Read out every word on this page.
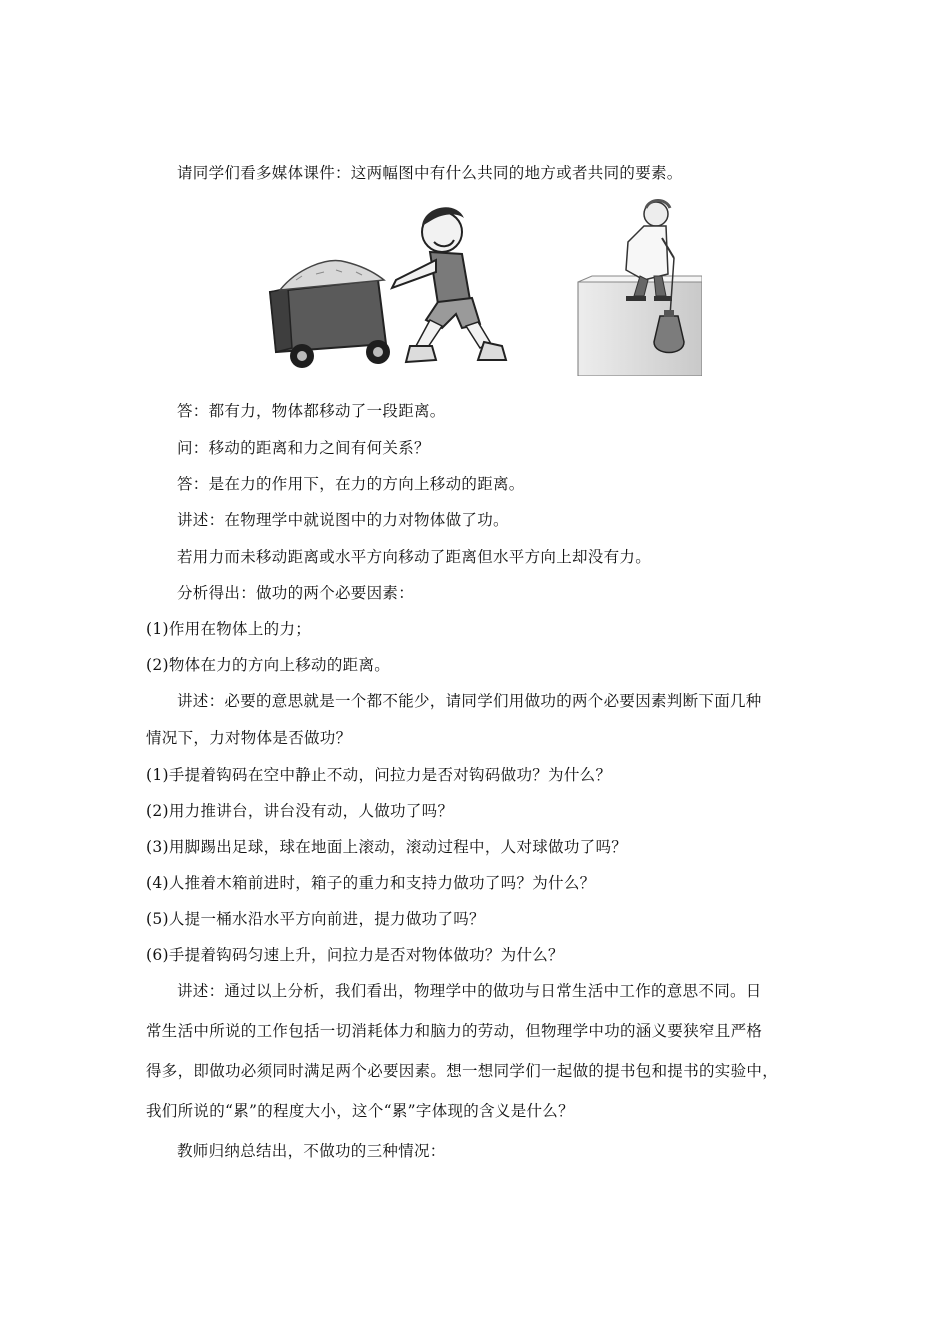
请同学们看多媒体课件：这两幅图中有什么共同的地方或者共同的要素。
答：都有力，物体都移动了一段距离。
问：移动的距离和力之间有何关系？
答：是在力的作用下，在力的方向上移动的距离。
讲述：在物理学中就说图中的力对物体做了功。
若用力而未移动距离或水平方向移动了距离但水平方向上却没有力。
分析得出：做功的两个必要因素：
(1)作用在物体上的力；
(2)物体在力的方向上移动的距离。
讲述：必要的意思就是一个都不能少，请同学们用做功的两个必要因素判断下面几种
情况下，力对物体是否做功？
(1)手提着钩码在空中静止不动，问拉力是否对钩码做功？为什么？
(2)用力推讲台，讲台没有动，人做功了吗？
(3)用脚踢出足球，球在地面上滚动，滚动过程中，人对球做功了吗？
(4)人推着木箱前进时，箱子的重力和支持力做功了吗？为什么？
(5)人提一桶水沿水平方向前进，提力做功了吗？
(6)手提着钩码匀速上升，问拉力是否对物体做功？为什么？
讲述：通过以上分析，我们看出，物理学中的做功与日常生活中工作的意思不同。日
常生活中所说的工作包括一切消耗体力和脑力的劳动，但物理学中功的涵义要狭窄且严格
得多，即做功必须同时满足两个必要因素。想一想同学们一起做的提书包和提书的实验中，
我们所说的“累”的程度大小，这个“累”字体现的含义是什么？
教师归纳总结出，不做功的三种情况：
